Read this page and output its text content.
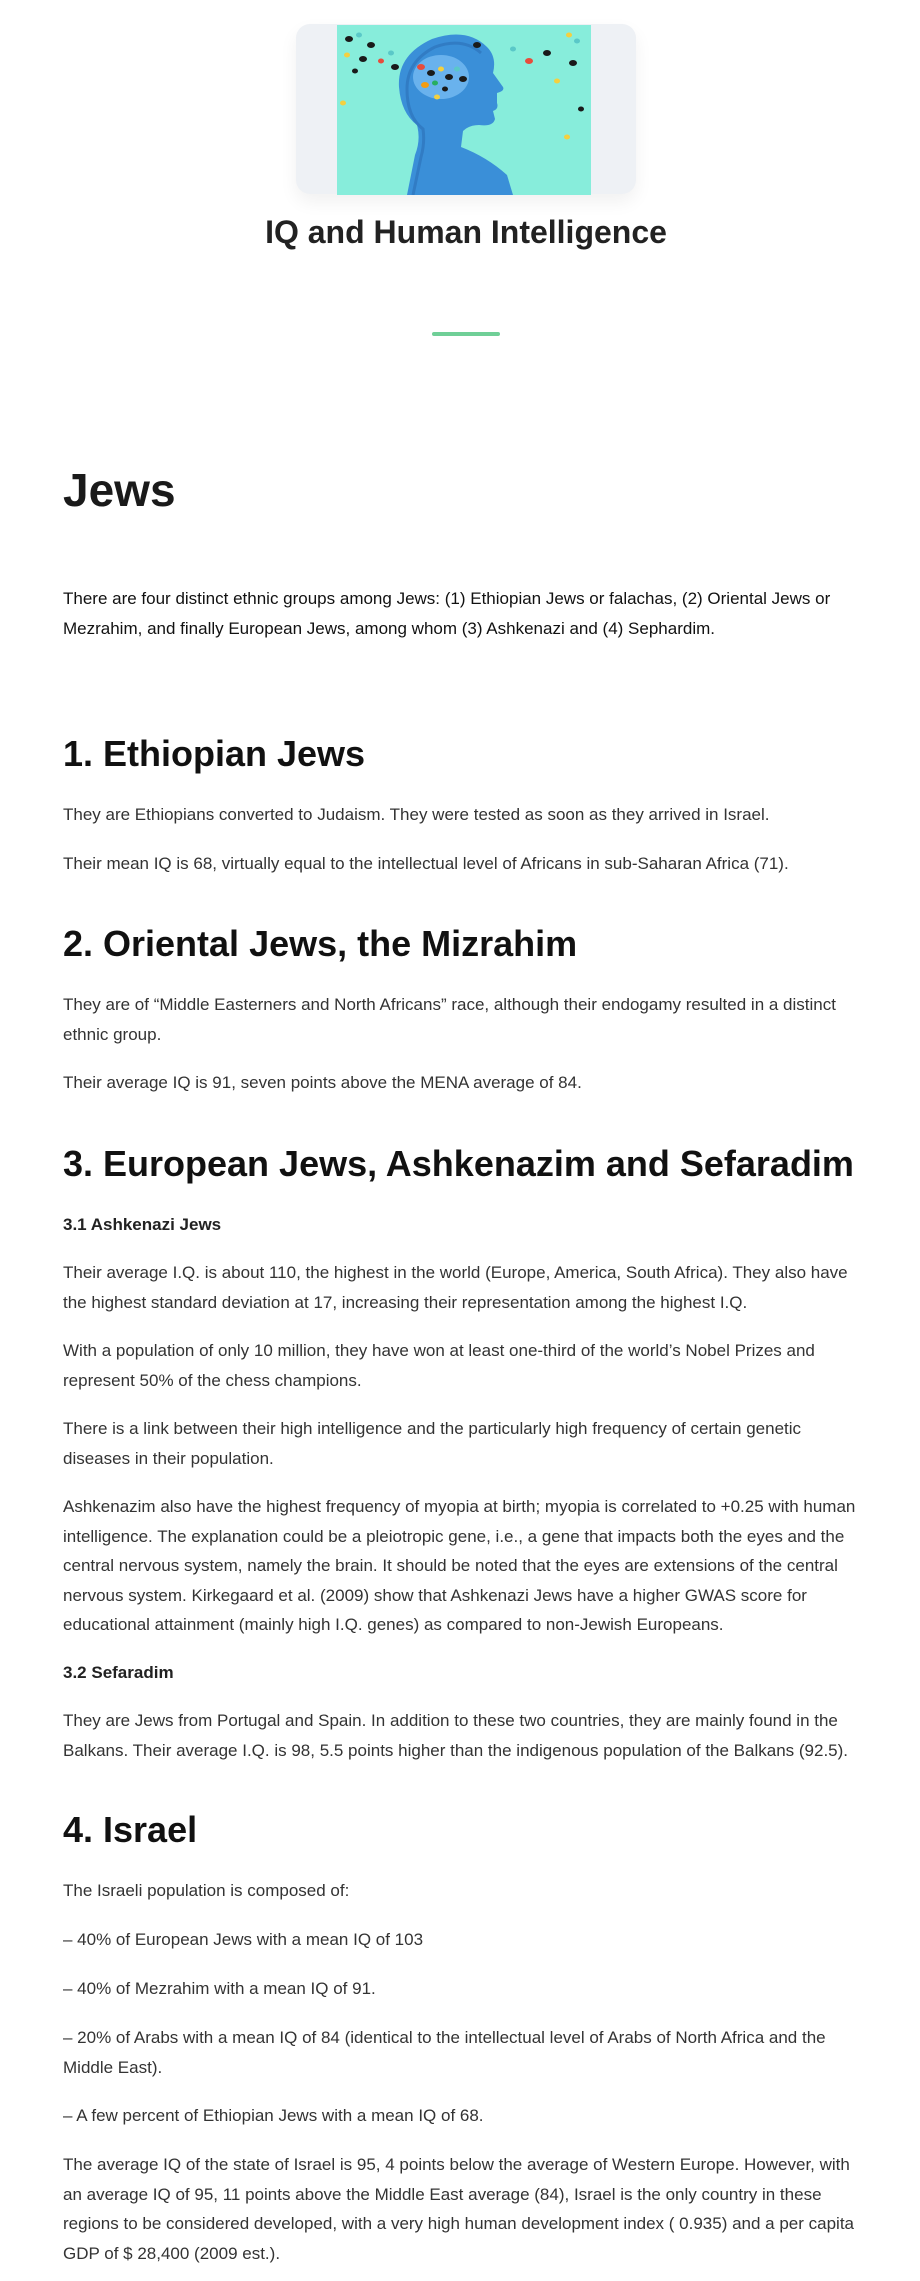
IQ and Human Intelligence
Jews

There are four distinct ethnic groups among Jews: (1) Ethiopian Jews or falachas, (2) Oriental Jews or Mezrahim, and finally European Jews, among whom (3) Ashkenazi and (4) Sephardim.

1. Ethiopian Jews

They are Ethiopians converted to Judaism. They were tested as soon as they arrived in Israel.

Their mean IQ is 68, virtually equal to the intellectual level of Africans in sub-Saharan Africa (71).

2. Oriental Jews, the Mizrahim

They are of “Middle Easterners and North Africans” race, although their endogamy resulted in a distinct ethnic group.

Their average IQ is 91, seven points above the MENA average of 84.

3. European Jews, Ashkenazim and Sefaradim
3.1 Ashkenazi Jews

Their average I.Q. is about 110, the highest in the world (Europe, America, South Africa). They also have the highest standard deviation at 17, increasing their representation among the highest I.Q.

With a population of only 10 million, they have won at least one-third of the world’s Nobel Prizes and represent 50% of the chess champions.

There is a link between their high intelligence and the particularly high frequency of certain genetic diseases in their population.

Ashkenazim also have the highest frequency of myopia at birth; myopia is correlated to +0.25 with human intelligence. The explanation could be a pleiotropic gene, i.e., a gene that impacts both the eyes and the central nervous system, namely the brain. It should be noted that the eyes are extensions of the central nervous system. Kirkegaard et al. (2009) show that Ashkenazi Jews have a higher GWAS score for educational attainment (mainly high I.Q. genes) as compared to non-Jewish Europeans.

3.2 Sefaradim

They are Jews from Portugal and Spain. In addition to these two countries, they are mainly found in the Balkans. Their average I.Q. is 98, 5.5 points higher than the indigenous population of the Balkans (92.5).

4. Israel

The Israeli population is composed of:

– 40% of European Jews with a mean IQ of 103

– 40% of Mezrahim with a mean IQ of 91.

– 20% of Arabs with a mean IQ of 84 (identical to the intellectual level of Arabs of North Africa and the Middle East).

– A few percent of Ethiopian Jews with a mean IQ of 68.

The average IQ of the state of Israel is 95, 4 points below the average of Western Europe. However, with an average IQ of 95, 11 points above the Middle East average (84), Israel is the only country in these regions to be considered developed, with a very high human development index ( 0.935) and a per capita GDP of $ 28,400 (2009 est.).
